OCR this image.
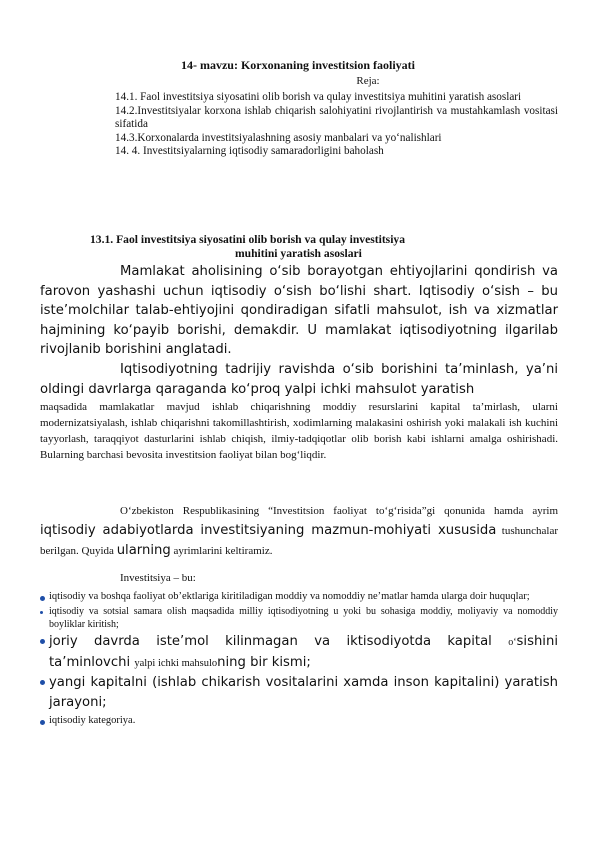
14- mavzu: Korxonaning investitsion faoliyati
Reja:
14.1. Faol investitsiya siyosatini olib borish va qulay investitsiya muhitini yaratish asoslari
14.2.Investitsiyalar korxona ishlab chiqarish salohiyatini rivojlantirish va mustahkamlash vositasi sifatida
14.3.Korxonalarda investitsiyalashning asosiy manbalari va yo‘nalishlari
14. 4. Investitsiyalarning iqtisodiy samaradorligini baholash
13.1. Faol investitsiya siyosatini olib borish va qulay investitsiya
muhitini yaratish asoslari
Mamlakat aholisining o‘sib borayotgan ehtiyojlarini qondirish va farovon yashashi uchun iqtisodiy o‘sish bo‘lishi shart. Iqtisodiy o‘sish – bu iste’molchilar talab-ehtiyojini qondiradigan sifatli mahsulot, ish va xizmatlar hajmining ko‘payib borishi, demakdir. U mamlakat iqtisodiyotning ilgarilab rivojlanib borishini anglatadi.
Iqtisodiyotning tadrijiy ravishda o‘sib borishini ta’minlash, ya’ni oldingi davrlarga qaraganda ko‘proq yalpi ichki mahsulot yaratish
maqsadida mamlakatlar mavjud ishlab chiqarishning moddiy resurslarini kapital ta’mirlash, ularni modernizatsiyalash, ishlab chiqarishni takomillashtirish, xodimlarning malakasini oshirish yoki malakali ish kuchini tayyorlash, taraqqiyot dasturlarini ishlab chiqish, ilmiy-tadqiqotlar olib borish kabi ishlarni amalga oshirishadi. Bularning barchasi bevosita investitsion faoliyat bilan bog‘liqdir.
O‘zbekiston Respublikasining “Investitsion faoliyat to‘g‘risida”gi qonunida hamda ayrim iqtisodiy adabiyotlarda investitsiyaning mazmun-mohiyati xususida tushunchalar berilgan. Quyida ularning ayrimlarini keltiramiz.
Investitsiya – bu:
iqtisodiy va boshqa faoliyat ob’ektlariga kiritiladigan moddiy va nomoddiy ne’matlar hamda ularga doir huquqlar;
iqtisodiy va sotsial samara olish maqsadida milliy iqtisodiyotning u yoki bu sohasiga moddiy, moliyaviy va nomoddiy boyliklar kiritish;
joriy davrda iste’mol kilinmagan va iktisodiyotda kapital o‘sishini ta’minlovchi yalpi ichki mahsuloning bir kismi;
yangi kapitalni (ishlab chikarish vositalarini xamda inson kapitalini) yaratish jarayoni;
iqtisodiy kategoriya.
